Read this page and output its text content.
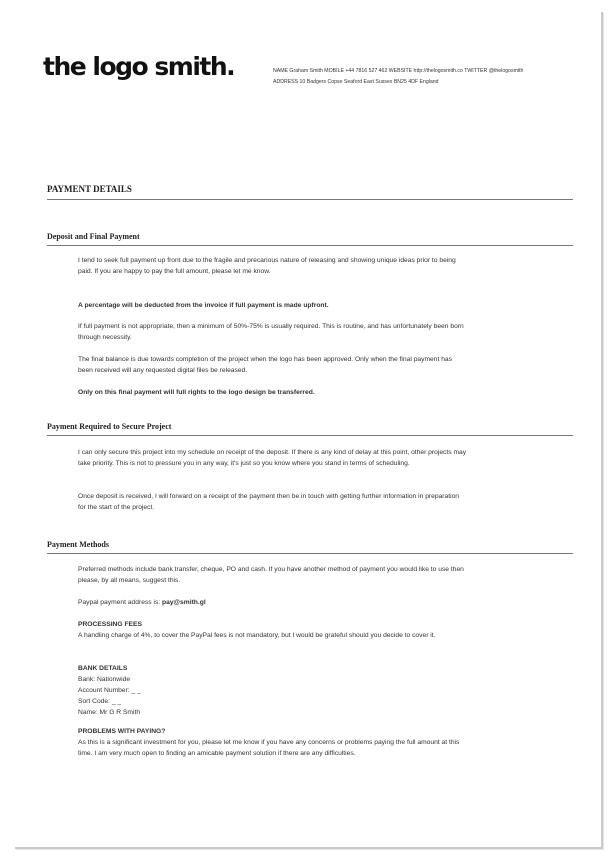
the logo smith.	NAME Graham Smith MOBILE +44 7816 527 462 WEBSITE http://thelogosmith.co TWITTER @thelogosmith
ADDRESS 10 Badgers Copse Seaford East Sussex BN25 4DF England
PAYMENT DETAILS
Deposit and Final Payment
I tend to seek full payment up front due to the fragile and precarious nature of releasing and showing unique ideas prior to being paid. If you are happy to pay the full amount, please let me know.
A percentage will be deducted from the invoice if full payment is made upfront.
If full payment is not appropriate, then a minimum of 50%-75% is usually required. This is routine, and has unfortunately been born through necessity.
The final balance is due towards completion of the project when the logo has been approved. Only when the final payment has been received will any requested digital files be released.
Only on this final payment will full rights to the logo design be transferred.
Payment Required to Secure Project
I can only secure this project into my schedule on receipt of the deposit. If there is any kind of delay at this point, other projects may take priority. This is not to pressure you in any way, it's just so you know where you stand in terms of scheduling.
Once deposit is received, I will forward on a receipt of the payment then be in touch with getting further information in preparation for the start of the project.
Payment Methods
Preferred methods include bank transfer, cheque, PO and cash. If you have another method of payment you would like to use then please, by all means, suggest this.
Paypal payment address is: pay@smith.gl
PROCESSING FEES
A handling charge of 4%, to cover the PayPal fees is not mandatory, but I would be grateful should you decide to cover it.
BANK DETAILS
Bank: Nationwide
Account Number: _ _
Sort Code: _ _
Name: Mr G R Smith
PROBLEMS WITH PAYING?
As this is a significant investment for you, please let me know if you have any concerns or problems paying the full amount at this time. I am very much open to finding an amicable payment solution if there are any difficulties.
